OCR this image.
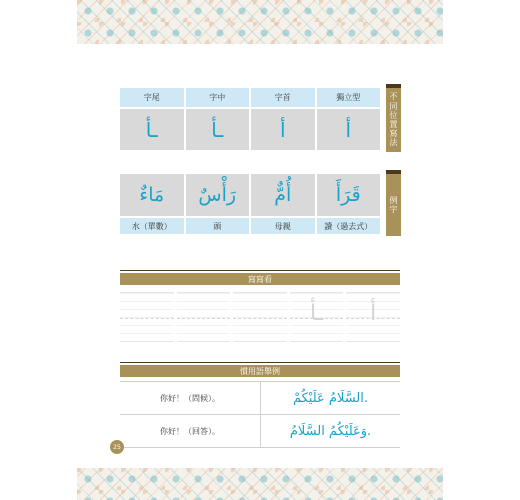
字尾	字中	字首	獨立型
ـأ	ـأ	أ	أ
不
同
位
置
寫
法
مَاءٌ	رَأْسٌ	أُمٌّ	قَرَأَ
水（單數）	頭	母親	讀（過去式）
例
字
寫寫看
ـأ	أ
慣用語舉例
你好！（問候）。	السَّلَامُ عَلَيْكُمْ.
你好！（回答）。	وَعَلَيْكُمُ السَّلَامُ.
25
